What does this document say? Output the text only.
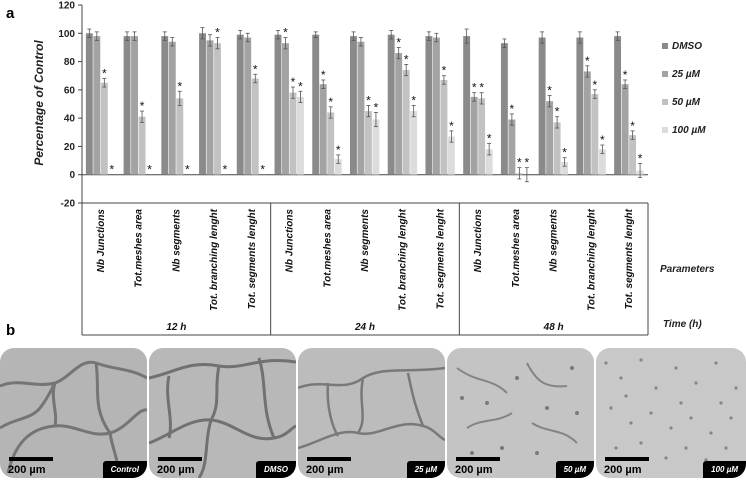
a
Percentage of Control
-20
0
20
40
60
80
100
120
*
*
*
*
*
*
*
*
*
*
*
*
*
*
*	*
*
*
*
*
*
*
*
*	*	*	*	*
*
*
*
*
*
*
*
*
*
*
Nb Junctions	Tot.meshes area	Nb segments	Tot. branching lenght	Tot. segments lenght	Nb Junctions	Tot.meshes area	Nb segments	Tot. branching lenght	Tot. segments lenght	Nb Junctions	Tot.meshes area	Nb segments	Tot. branching lenght	Tot. segments lenght
12 h	24 h	48 h
DMSO
25 µM
50 µM
100 µM
Parameters
Time (h)
b
200 µm	Control	200 µm	DMSO	200 µm	25 µM	200 µm	50 µM	200 µm	100 µM
